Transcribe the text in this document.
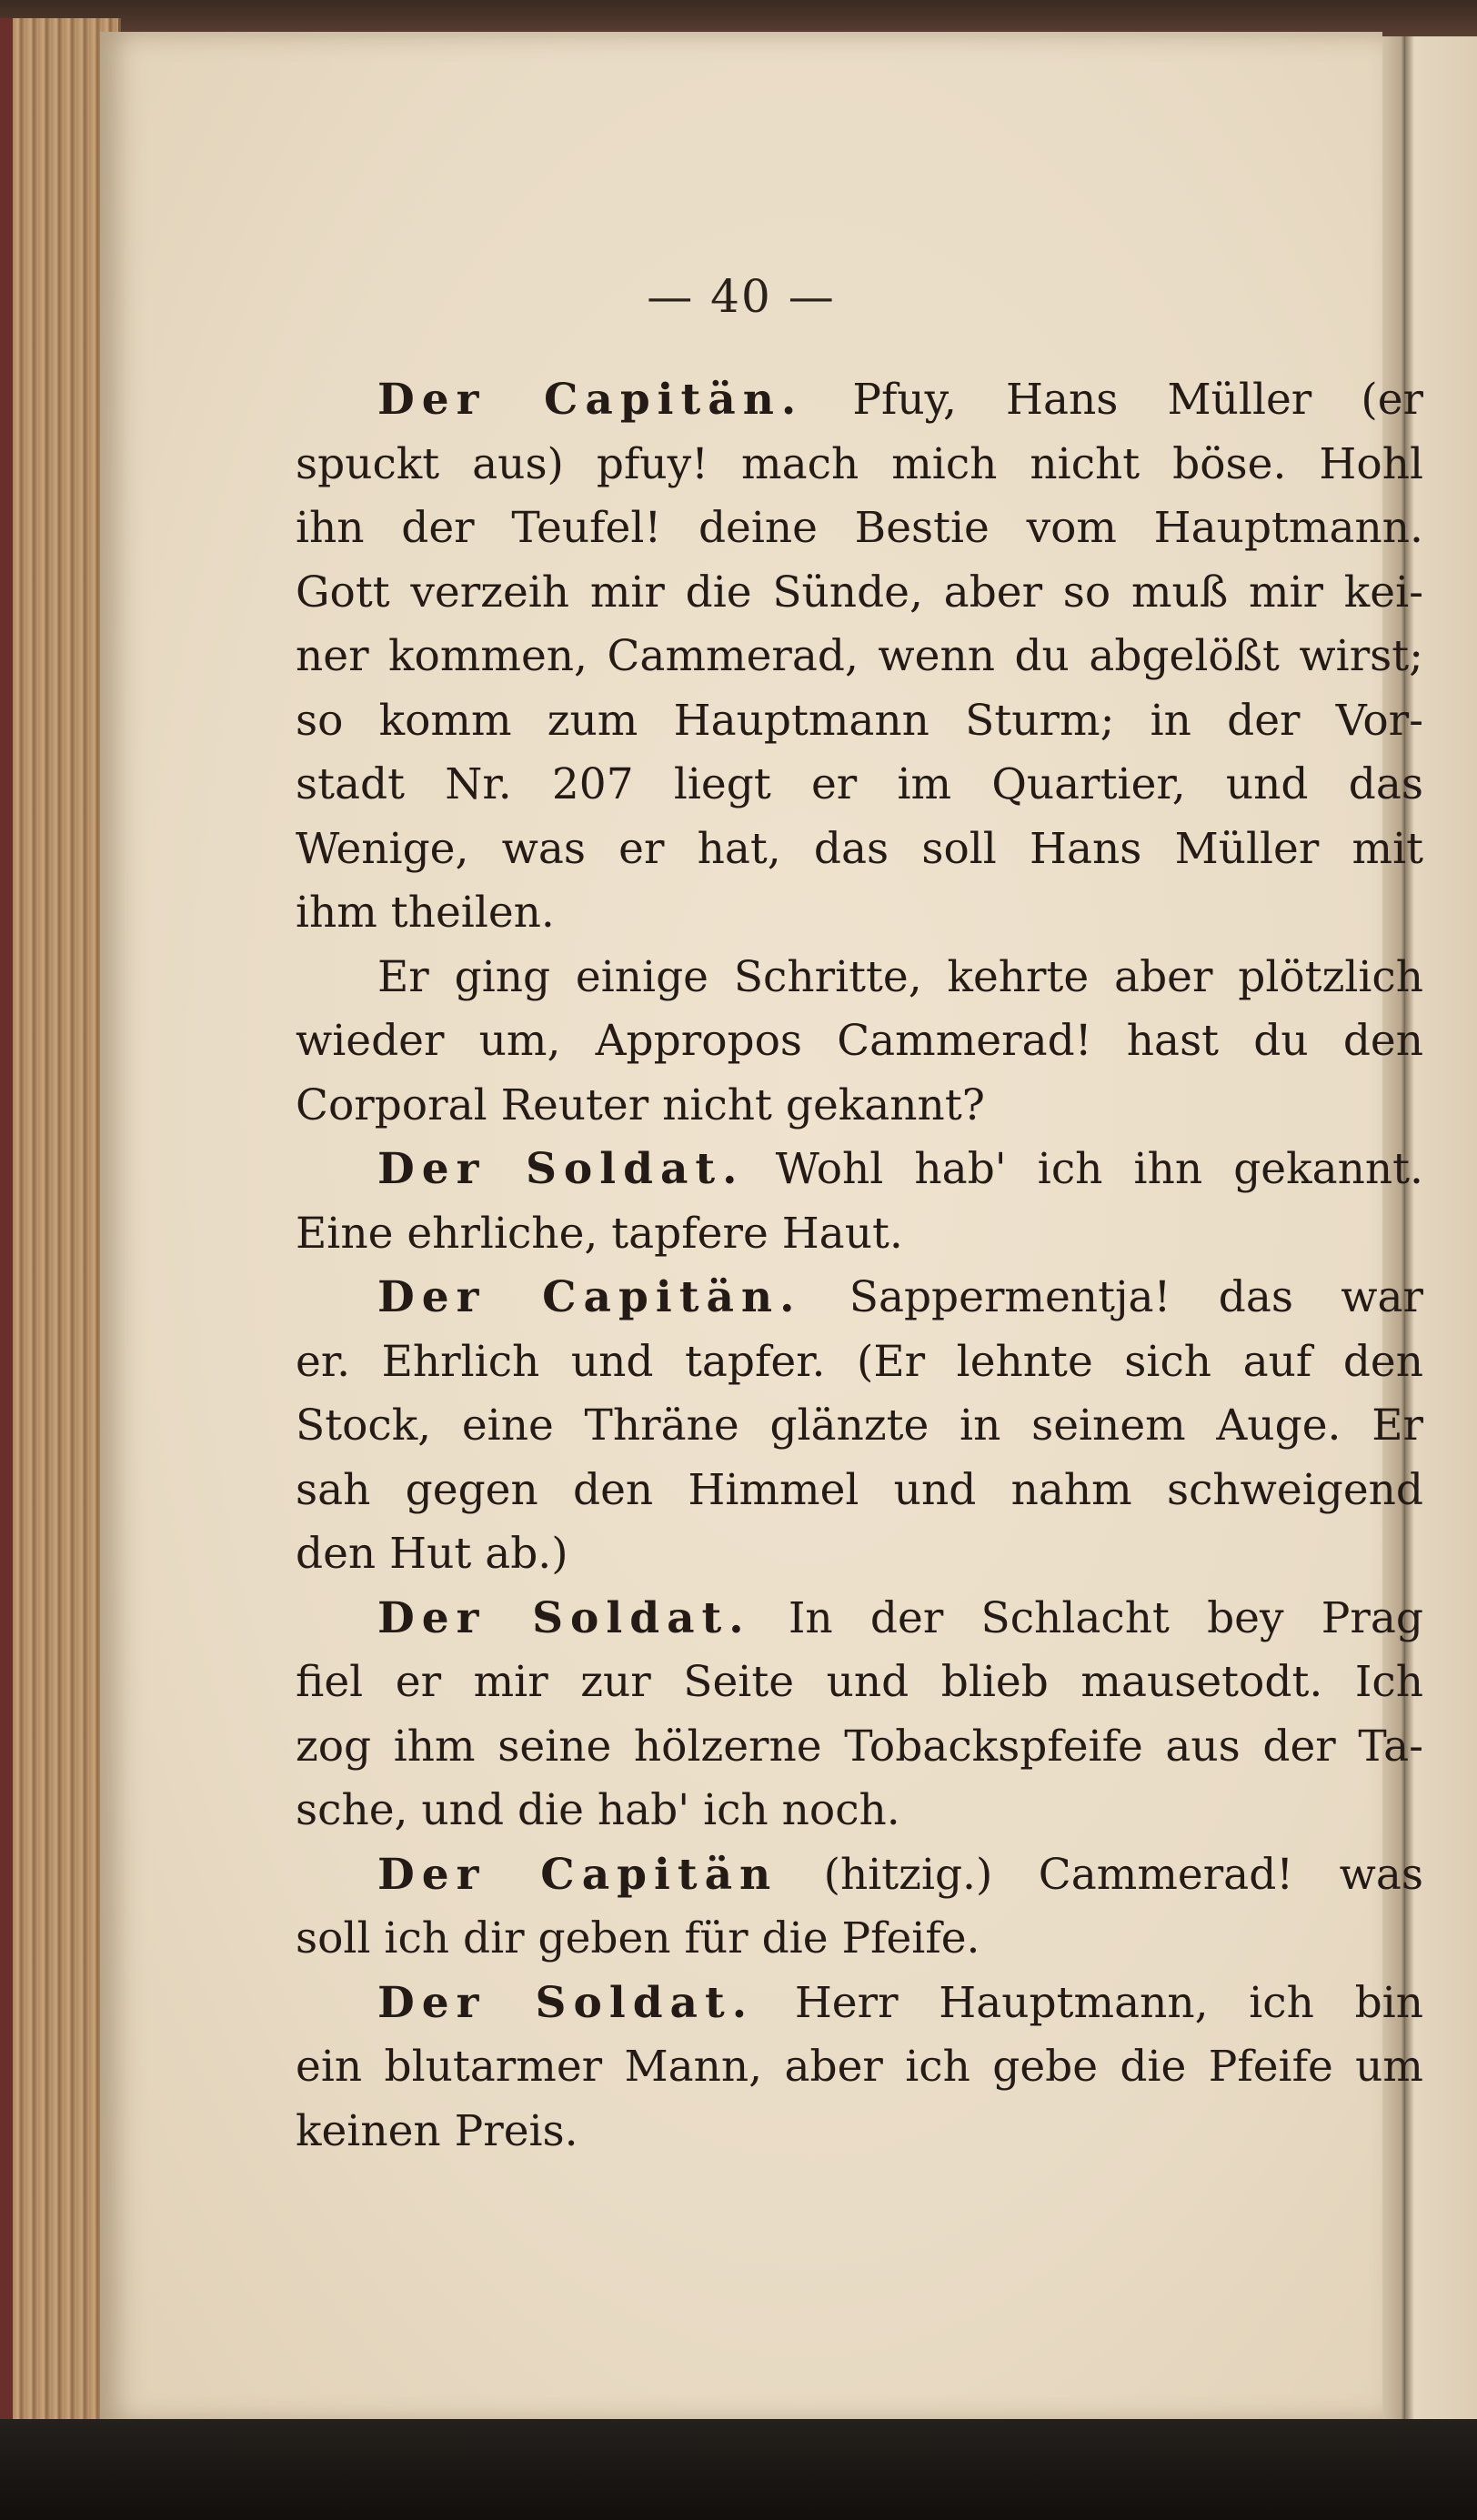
— 40 —
Der Capitän. Pfuy, Hans Müller (er
spuckt aus) pfuy! mach mich nicht böse. Hohl
ihn der Teufel! deine Bestie vom Hauptmann.
Gott verzeih mir die Sünde, aber so muß mir kei-
ner kommen, Cammerad, wenn du abgelößt wirst;
so komm zum Hauptmann Sturm; in der Vor-
stadt Nr. 207 liegt er im Quartier, und das
Wenige, was er hat, das soll Hans Müller mit
ihm theilen.
Er ging einige Schritte, kehrte aber plötzlich
wieder um, Appropos Cammerad! hast du den
Corporal Reuter nicht gekannt?
Der Soldat. Wohl hab' ich ihn gekannt.
Eine ehrliche, tapfere Haut.
Der Capitän. Sappermentja! das war
er. Ehrlich und tapfer. (Er lehnte sich auf den
Stock, eine Thräne glänzte in seinem Auge. Er
sah gegen den Himmel und nahm schweigend
den Hut ab.)
Der Soldat. In der Schlacht bey Prag
fiel er mir zur Seite und blieb mausetodt. Ich
zog ihm seine hölzerne Tobackspfeife aus der Ta-
sche, und die hab' ich noch.
Der Capitän (hitzig.) Cammerad! was
soll ich dir geben für die Pfeife.
Der Soldat. Herr Hauptmann, ich bin
ein blutarmer Mann, aber ich gebe die Pfeife um
keinen Preis.
